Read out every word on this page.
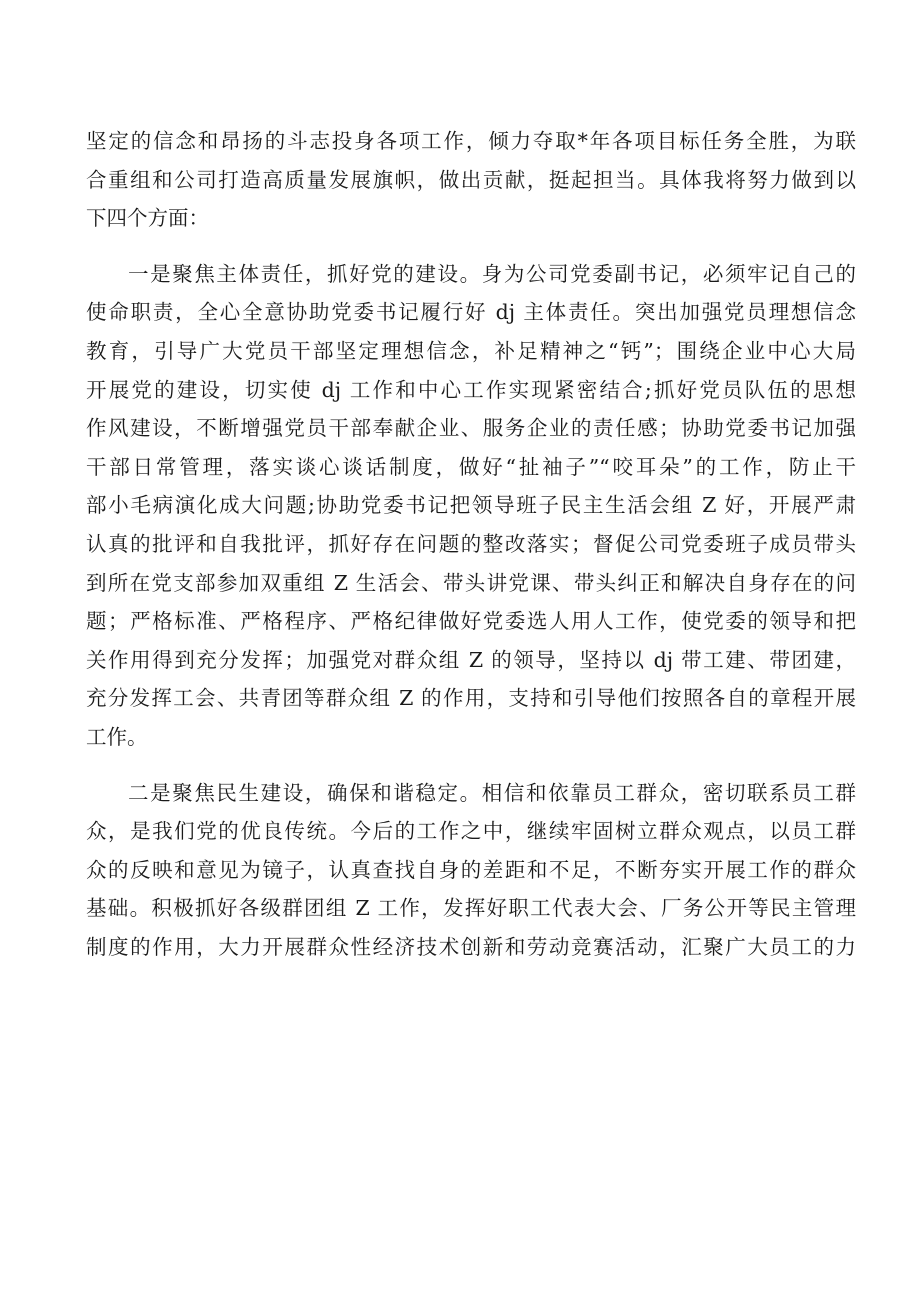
坚定的信念和昂扬的斗志投身各项工作，倾力夺取*年各项目标任务全胜，为联
合重组和公司打造高质量发展旗帜，做出贡献，挺起担当。具体我将努力做到以
下四个方面：
一是聚焦主体责任，抓好党的建设。身为公司党委副书记，必须牢记自己的
使命职责，全心全意协助党委书记履行好 dj 主体责任。突出加强党员理想信念
教育，引导广大党员干部坚定理想信念，补足精神之“钙”；围绕企业中心大局
开展党的建设，切实使 dj 工作和中心工作实现紧密结合;抓好党员队伍的思想
作风建设，不断增强党员干部奉献企业、服务企业的责任感；协助党委书记加强
干部日常管理，落实谈心谈话制度，做好“扯袖子”“咬耳朵”的工作，防止干
部小毛病演化成大问题;协助党委书记把领导班子民主生活会组 Z 好，开展严肃
认真的批评和自我批评，抓好存在问题的整改落实；督促公司党委班子成员带头
到所在党支部参加双重组 Z 生活会、带头讲党课、带头纠正和解决自身存在的问
题；严格标准、严格程序、严格纪律做好党委选人用人工作，使党委的领导和把
关作用得到充分发挥；加强党对群众组 Z 的领导，坚持以 dj 带工建、带团建，
充分发挥工会、共青团等群众组 Z 的作用，支持和引导他们按照各自的章程开展
工作。
二是聚焦民生建设，确保和谐稳定。相信和依靠员工群众，密切联系员工群
众，是我们党的优良传统。今后的工作之中，继续牢固树立群众观点，以员工群
众的反映和意见为镜子，认真查找自身的差距和不足，不断夯实开展工作的群众
基础。积极抓好各级群团组 Z 工作，发挥好职工代表大会、厂务公开等民主管理
制度的作用，大力开展群众性经济技术创新和劳动竞赛活动，汇聚广大员工的力
